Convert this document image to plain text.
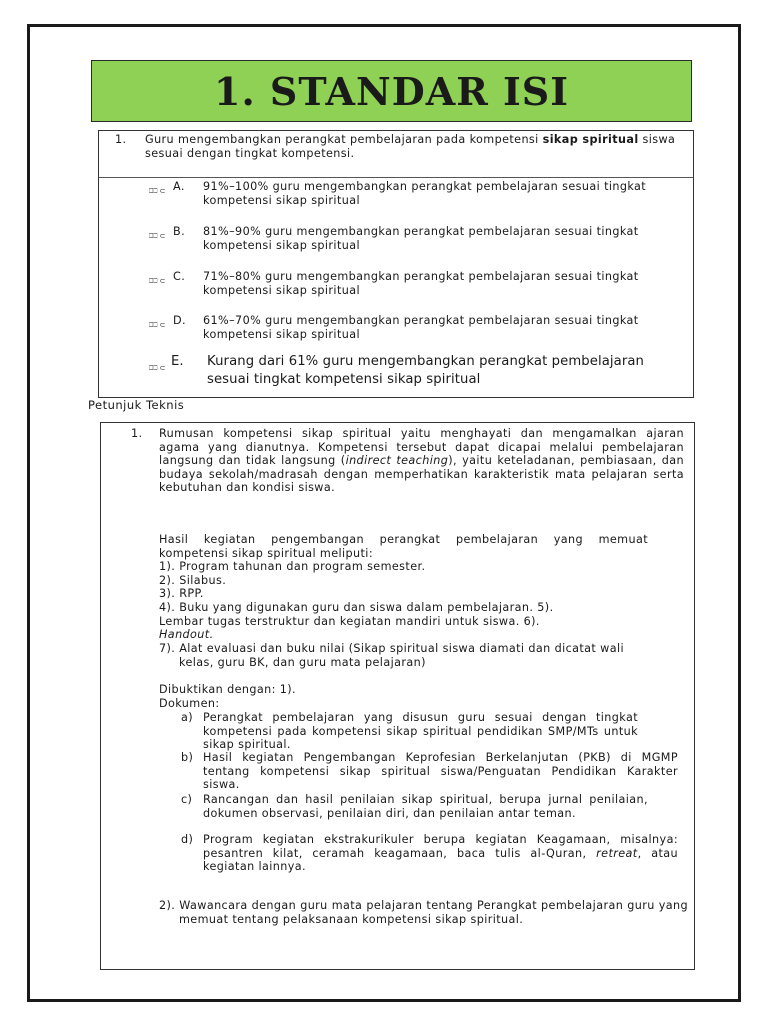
1. STANDAR ISI
1. Guru mengembangkan perangkat pembelajaran pada kompetensi sikap spiritual siswa sesuai dengan tingkat kompetensi.
⎕⎕ ⊂ A. 91%–100% guru mengembangkan perangkat pembelajaran sesuai tingkat kompetensi sikap spiritual
⎕⎕ ⊂ B. 81%–90% guru mengembangkan perangkat pembelajaran sesuai tingkat kompetensi sikap spiritual
⎕⎕ ⊂ C. 71%–80% guru mengembangkan perangkat pembelajaran sesuai tingkat kompetensi sikap spiritual
⎕⎕ ⊂ D. 61%–70% guru mengembangkan perangkat pembelajaran sesuai tingkat kompetensi sikap spiritual
⎕⎕ ⊂ E. Kurang dari 61% guru mengembangkan perangkat pembelajaran sesuai tingkat kompetensi sikap spiritual
Petunjuk Teknis
1. Rumusan kompetensi sikap spiritual yaitu menghayati dan mengamalkan ajaran agama yang dianutnya. Kompetensi tersebut dapat dicapai melalui pembelajaran langsung dan tidak langsung (indirect teaching), yaitu keteladanan, pembiasaan, dan budaya sekolah/madrasah dengan memperhatikan karakteristik mata pelajaran serta kebutuhan dan kondisi siswa.
Hasil kegiatan pengembangan perangkat pembelajaran yang memuat kompetensi sikap spiritual meliputi:
1). Program tahunan dan program semester.
2). Silabus.
3). RPP.
4). Buku yang digunakan guru dan siswa dalam pembelajaran. 5).
Lembar tugas terstruktur dan kegiatan mandiri untuk siswa. 6).
Handout.
7). Alat evaluasi dan buku nilai (Sikap spiritual siswa diamati dan dicatat wali kelas, guru BK, dan guru mata pelajaran)
Dibuktikan dengan: 1).
Dokumen:
a) Perangkat pembelajaran yang disusun guru sesuai dengan tingkat kompetensi pada kompetensi sikap spiritual pendidikan SMP/MTs untuk sikap spiritual.
b) Hasil kegiatan Pengembangan Keprofesian Berkelanjutan (PKB) di MGMP tentang kompetensi sikap spiritual siswa/Penguatan Pendidikan Karakter siswa.
c) Rancangan dan hasil penilaian sikap spiritual, berupa jurnal penilaian, dokumen observasi, penilaian diri, dan penilaian antar teman.
d) Program kegiatan ekstrakurikuler berupa kegiatan Keagamaan, misalnya: pesantren kilat, ceramah keagamaan, baca tulis al-Quran, retreat, atau kegiatan lainnya.
2). Wawancara dengan guru mata pelajaran tentang Perangkat pembelajaran guru yang memuat tentang pelaksanaan kompetensi sikap spiritual.
